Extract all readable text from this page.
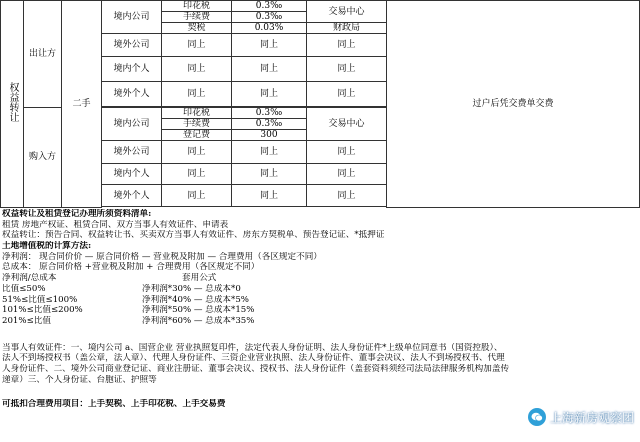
权益转让	出让方	二手	境内公司	印花税	0.3‰	交易中心	过户后凭交费单交费
				手续费	0.3‰		
				契税	0.03%	财政局	
			境外公司	同上	同上	同上	
			境内个人	同上	同上	同上	
			境外个人	同上	同上	同上	

	购入方		境内公司	印花税	0.3‰	交易中心	
				手续费	0.3‰		
				登记费	300		
			境外公司	同上	同上	同上	
			境内个人	同上	同上	同上	
			境外个人	同上	同上	同上	

权益转让及租赁登记办理所须资料清单:
租赁 房地产权证、租赁合同、双方当事人有效证件、申请表
权益转让：预告合同、权益转让书、买卖双方当事人有效证件、房东方契税单、预告登记证、*抵押证
土地增值税的计算方法:
净利润： 现合同价价 — 原合同价格 — 营业税及附加 — 合理费用（各区规定不同）
总成本： 原合同价格 +营业税及附加 + 合理费用（各区规定不同）
净利润/总成本	套用公式
比值≤50%	净利润*30% — 总成本*0
51%≤比值≤100%	净利润*40% — 总成本*5%
101%≤比值≤200%	净利润*50% — 总成本*15%
201%≤比值	净利润*60% — 总成本*35%
当事人有效证件：一、境内公司 a、国营企业 营业执照复印件，法定代表人身份证明、法人身份证件*上级单位同意书（国资控股）、
法人不到场授权书（盖公章，法人章）、代理人身份证件、三资企业营业执照、法人身份证件、董事会决议、法人不到场授权书、代理
人身份证件、二、境外公司商业登记证、商业注册证、董事会决议、授权书、法人身份证件（盖套资料须经司法局法律服务机构加盖传
递章）三、个人身份证、台胞证、护照等
可抵扣合理费用项目：上手契税、上手印花税、上手交易费
上海新房观察团
